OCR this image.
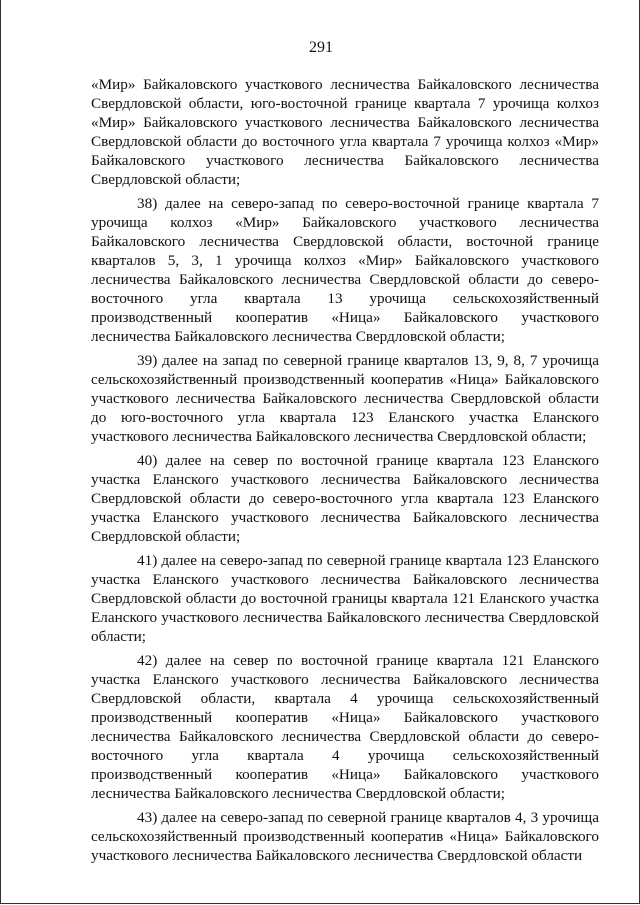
291

«Мир» Байкаловского участкового лесничества Байкаловского лесничества Свердловской области, юго-восточной границе квартала 7 урочища колхоз «Мир» Байкаловского участкового лесничества Байкаловского лесничества Свердловской области до восточного угла квартала 7 урочища колхоз «Мир» Байкаловского участкового лесничества Байкаловского лесничества Свердловской области;

38) далее на северо-запад по северо-восточной границе квартала 7 урочища колхоз «Мир» Байкаловского участкового лесничества Байкаловского лесничества Свердловской области, восточной границе кварталов 5, 3, 1 урочища колхоз «Мир» Байкаловского участкового лесничества Байкаловского лесничества Свердловской области до северо-восточного угла квартала 13 урочища сельскохозяйственный производственный кооператив «Ница» Байкаловского участкового лесничества Байкаловского лесничества Свердловской области;

39) далее на запад по северной границе кварталов 13, 9, 8, 7 урочища сельскохозяйственный производственный кооператив «Ница» Байкаловского участкового лесничества Байкаловского лесничества Свердловской области до юго-восточного угла квартала 123 Еланского участка Еланского участкового лесничества Байкаловского лесничества Свердловской области;

40) далее на север по восточной границе квартала 123 Еланского участка Еланского участкового лесничества Байкаловского лесничества Свердловской области до северо-восточного угла квартала 123 Еланского участка Еланского участкового лесничества Байкаловского лесничества Свердловской области;

41) далее на северо-запад по северной границе квартала 123 Еланского участка Еланского участкового лесничества Байкаловского лесничества Свердловской области до восточной границы квартала 121 Еланского участка Еланского участкового лесничества Байкаловского лесничества Свердловской области;

42) далее на север по восточной границе квартала 121 Еланского участка Еланского участкового лесничества Байкаловского лесничества Свердловской области, квартала 4 урочища сельскохозяйственный производственный кооператив «Ница» Байкаловского участкового лесничества Байкаловского лесничества Свердловской области до северо-восточного угла квартала 4 урочища сельскохозяйственный производственный кооператив «Ница» Байкаловского участкового лесничества Байкаловского лесничества Свердловской области;

43) далее на северо-запад по северной границе кварталов 4, 3 урочища сельскохозяйственный производственный кооператив «Ница» Байкаловского участкового лесничества Байкаловского лесничества Свердловской области
